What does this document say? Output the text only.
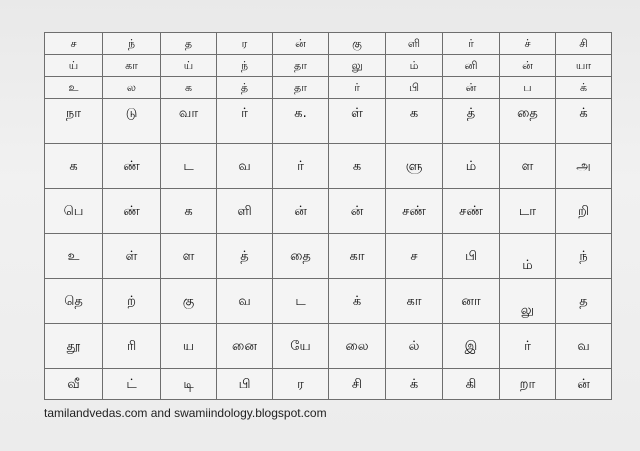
ச	ந்	த	ர	ன்	கு	ளி	ர்	ச்	சி
ய்	கா	ய்	ந்	தா	லு	ம்	னி	ன்	யா
உ	ல	க	த்	தா	ர்	பி	ன்	ப	க்
நா	டு	வா	ர்	க.	ள்	க	த்	தை	க்
க	ண்	ட	வ	ர்	க	ளு	ம்	ள	அ
பெ	ண்	க	ளி	ன்	ன்	சண்	சண்	டா	றி
உ	ள்	ள	த்	தை	கா	ச	பி	ம்	ந்
தெ	ற்	கு	வ	ட	க்	கா	னா	லு	த
தூ	ரி	ய	னை	யே	லை	ல்	இ	ர்	வ
வீ	ட்	டி	பி	ர	சி	க்	கி	றா	ன்
tamilandvedas.com and swamiindology.blogspot.com
